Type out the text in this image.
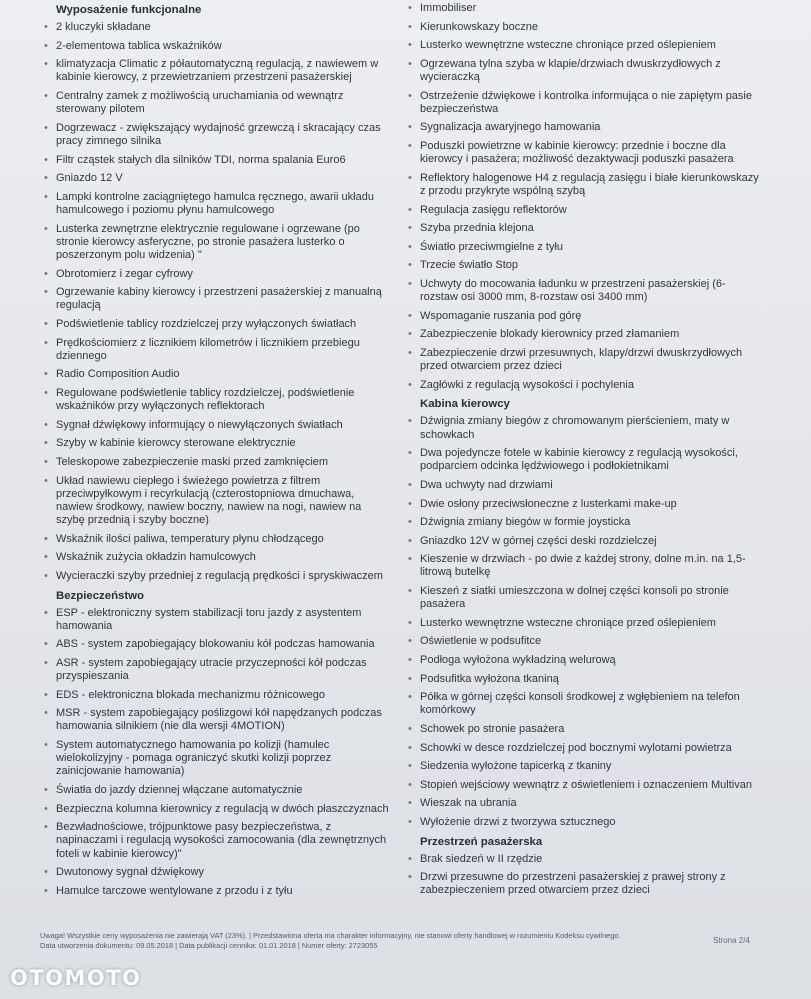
Wyposażenie funkcjonalne
• 2 kluczyki składane
• 2-elementowa tablica wskaźników
• klimatyzacja Climatic z półautomatyczną regulacją, z nawiewem w kabinie kierowcy, z przewietrzaniem przestrzeni pasażerskiej
• Centralny zamek z możliwością uruchamiania od wewnątrz sterowany pilotem
• Dogrzewacz - zwiększający wydajność grzewczą i skracający czas pracy zimnego silnika
• Filtr cząstek stałych dla silników TDI, norma spalania Euro6
• Gniazdo 12 V
• Lampki kontrolne zaciągniętego hamulca ręcznego, awarii układu hamulcowego i poziomu płynu hamulcowego
• Lusterka zewnętrzne elektrycznie regulowane i ogrzewane (po stronie kierowcy asferyczne, po stronie pasażera lusterko o poszerzonym polu widzenia) "
• Obrotomierz i zegar cyfrowy
• Ogrzewanie kabiny kierowcy i przestrzeni pasażerskiej z manualną regulacją
• Podświetlenie tablicy rozdzielczej przy wyłączonych światłach
• Prędkościomierz z licznikiem kilometrów i licznikiem przebiegu dziennego
• Radio Composition Audio
• Regulowane podświetlenie tablicy rozdzielczej, podświetlenie wskaźników przy wyłączonych reflektorach
• Sygnał dźwiękowy informujący o niewyłączonych światłach
• Szyby w kabinie kierowcy sterowane elektrycznie
• Teleskopowe zabezpieczenie maski przed zamknięciem
• Układ nawiewu ciepłego i świeżego powietrza z filtrem przeciwpyłkowym i recyrkulacją (czterostopniowa dmuchawa, nawiew środkowy, nawiew boczny, nawiew na nogi, nawiew na szybę przednią i szyby boczne)
• Wskaźnik ilości paliwa, temperatury płynu chłodzącego
• Wskaźnik zużycia okładzin hamulcowych
• Wycieraczki szyby przedniej z regulacją prędkości i spryskiwaczem
Bezpieczeństwo
• ESP - elektroniczny system stabilizacji toru jazdy z asystentem hamowania
• ABS - system zapobiegający blokowaniu kół podczas hamowania
• ASR - system zapobiegający utracie przyczepności kół podczas przyspieszania
• EDS - elektroniczna blokada mechanizmu różnicowego
• MSR - system zapobiegający poślizgowi kół napędzanych podczas hamowania silnikiem (nie dla wersji 4MOTION)
• System automatycznego hamowania po kolizji (hamulec wielokolizyjny - pomaga ograniczyć skutki kolizji poprzez zainicjowanie hamowania)
• Światła do jazdy dziennej włączane automatycznie
• Bezpieczna kolumna kierownicy z regulacją w dwóch płaszczyznach
• Bezwładnościowe, trójpunktowe pasy bezpieczeństwa, z napinaczami i regulacją wysokości zamocowania (dla zewnętrznych foteli w kabinie kierowcy)"
• Dwutonowy sygnał dźwiękowy
• Hamulce tarczowe wentylowane z przodu i z tyłu
• Immobiliser
• Kierunkowskazy boczne
• Lusterko wewnętrzne wsteczne chroniące przed oślepieniem
• Ogrzewana tylna szyba w klapie/drzwiach dwuskrzydłowych z wycieraczką
• Ostrzeżenie dźwiękowe i kontrolka informująca o nie zapiętym pasie bezpieczeństwa
• Sygnalizacja awaryjnego hamowania
• Poduszki powietrzne w kabinie kierowcy: przednie i boczne dla kierowcy i pasażera; możliwość dezaktywacji poduszki pasażera
• Reflektory halogenowe H4 z regulacją zasięgu i białe kierunkowskazy z przodu przykryte wspólną szybą
• Regulacja zasięgu reflektorów
• Szyba przednia klejona
• Światło przeciwmgielne z tyłu
• Trzecie światło Stop
• Uchwyty do mocowania ładunku w przestrzeni pasażerskiej (6-rozstaw osi 3000 mm, 8-rozstaw osi 3400 mm)
• Wspomaganie ruszania pod górę
• Zabezpieczenie blokady kierownicy przed złamaniem
• Zabezpieczenie drzwi przesuwnych, klapy/drzwi dwuskrzydłowych przed otwarciem przez dzieci
• Zagłówki z regulacją wysokości i pochylenia
Kabina kierowcy
• Dźwignia zmiany biegów z chromowanym pierścieniem, maty w schowkach
• Dwa pojedyncze fotele w kabinie kierowcy z regulacją wysokości, podparciem odcinka lędźwiowego i podłokietnikami
• Dwa uchwyty nad drzwiami
• Dwie osłony przeciwsłoneczne z lusterkami make-up
• Dźwignia zmiany biegów w formie joysticka
• Gniazdko 12V w górnej części deski rozdzielczej
• Kieszenie w drzwiach - po dwie z każdej strony, dolne m.in. na 1,5-litrową butelkę
• Kieszeń z siatki umieszczona w dolnej części konsoli po stronie pasażera
• Lusterko wewnętrzne wsteczne chroniące przed oślepieniem
• Oświetlenie w podsufitce
• Podłoga wyłożona wykładziną welurową
• Podsufitka wyłożona tkaniną
• Półka w górnej części konsoli środkowej z wgłębieniem na telefon komórkowy
• Schowek po stronie pasażera
• Schowki w desce rozdzielczej pod bocznymi wylotami powietrza
• Siedzenia wyłożone tapicerką z tkaniny
• Stopień wejściowy wewnątrz z oświetleniem i oznaczeniem Multivan
• Wieszak na ubrania
• Wyłożenie drzwi z tworzywa sztucznego
Przestrzeń pasażerska
• Brak siedzeń w II rzędzie
• Drzwi przesuwne do przestrzeni pasażerskiej z prawej strony z zabezpieczeniem przed otwarciem przez dzieci
Uwaga! Wszystkie ceny wyposażenia nie zawierają VAT (23%). | Przedstawiona oferta ma charakter informacyjny, nie stanowi oferty handlowej w rozumieniu Kodeksu cywilnego.
Data utworzenia dokumentu: 09.05.2018 | Data publikacji cennika: 01.01.2018 | Numer oferty: 2723055
Strona 2/4
OTOMOTO
